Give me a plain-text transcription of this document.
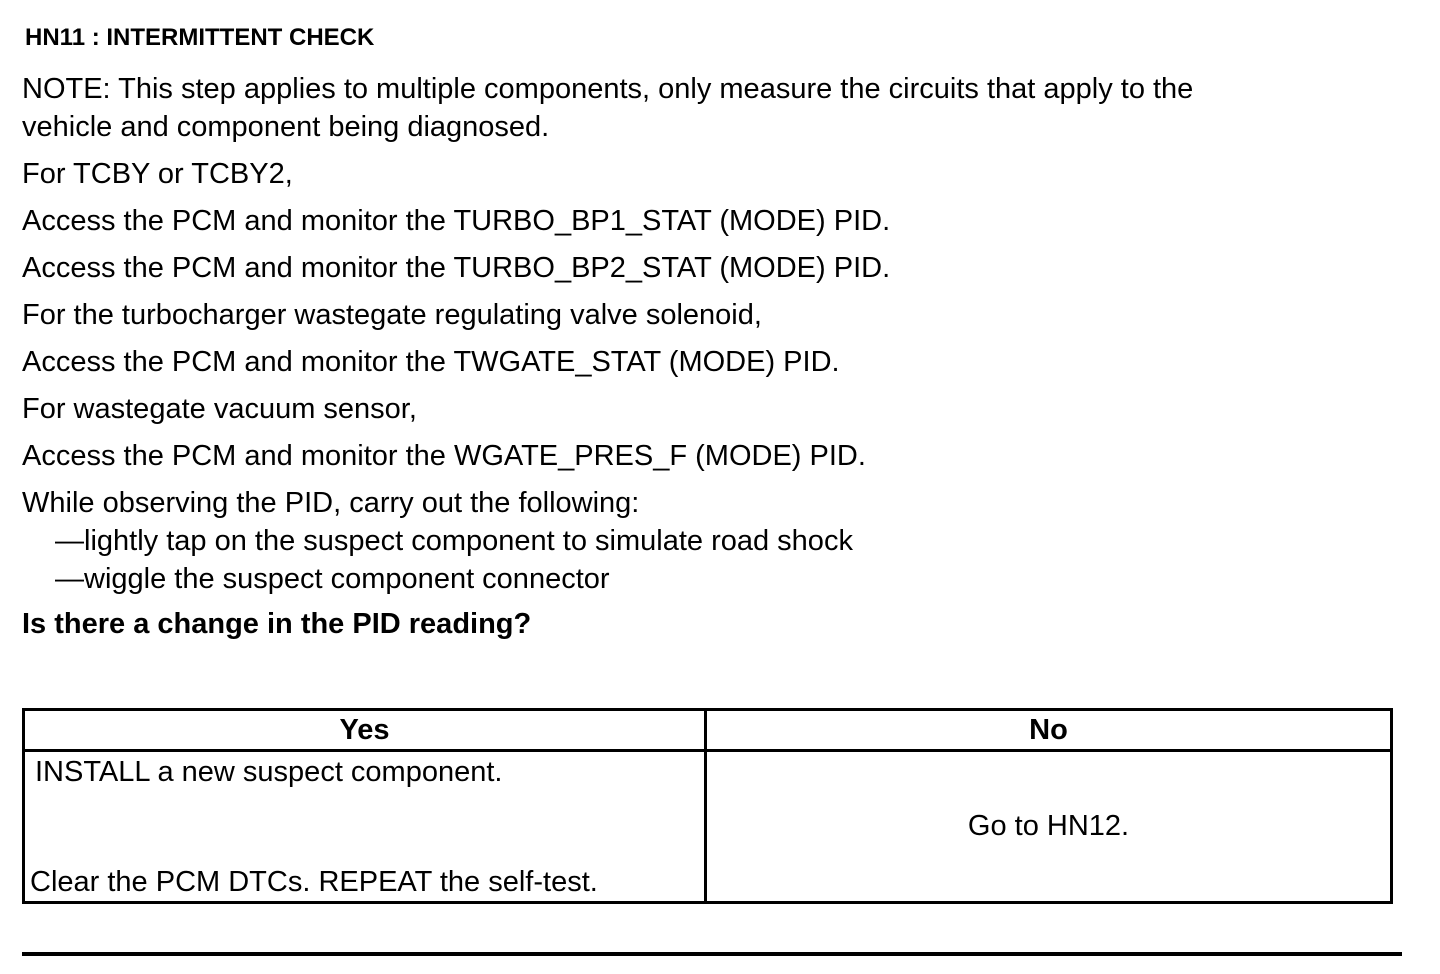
HN11 : INTERMITTENT CHECK

NOTE: This step applies to multiple components, only measure the circuits that apply to the

vehicle and component being diagnosed.

For TCBY or TCBY2,

Access the PCM and monitor the TURBO_BP1_STAT (MODE) PID.

Access the PCM and monitor the TURBO_BP2_STAT (MODE) PID.

For the turbocharger wastegate regulating valve solenoid,

Access the PCM and monitor the TWGATE_STAT (MODE) PID.

For wastegate vacuum sensor,

Access the PCM and monitor the WGATE_PRES_F (MODE) PID.

While observing the PID, carry out the following:

—lightly tap on the suspect component to simulate road shock

—wiggle the suspect component connector

Is there a change in the PID reading?

Yes	No

INSTALL a new suspect component.
Clear the PCM DTCs. REPEAT the self-test.	Go to HN12.
